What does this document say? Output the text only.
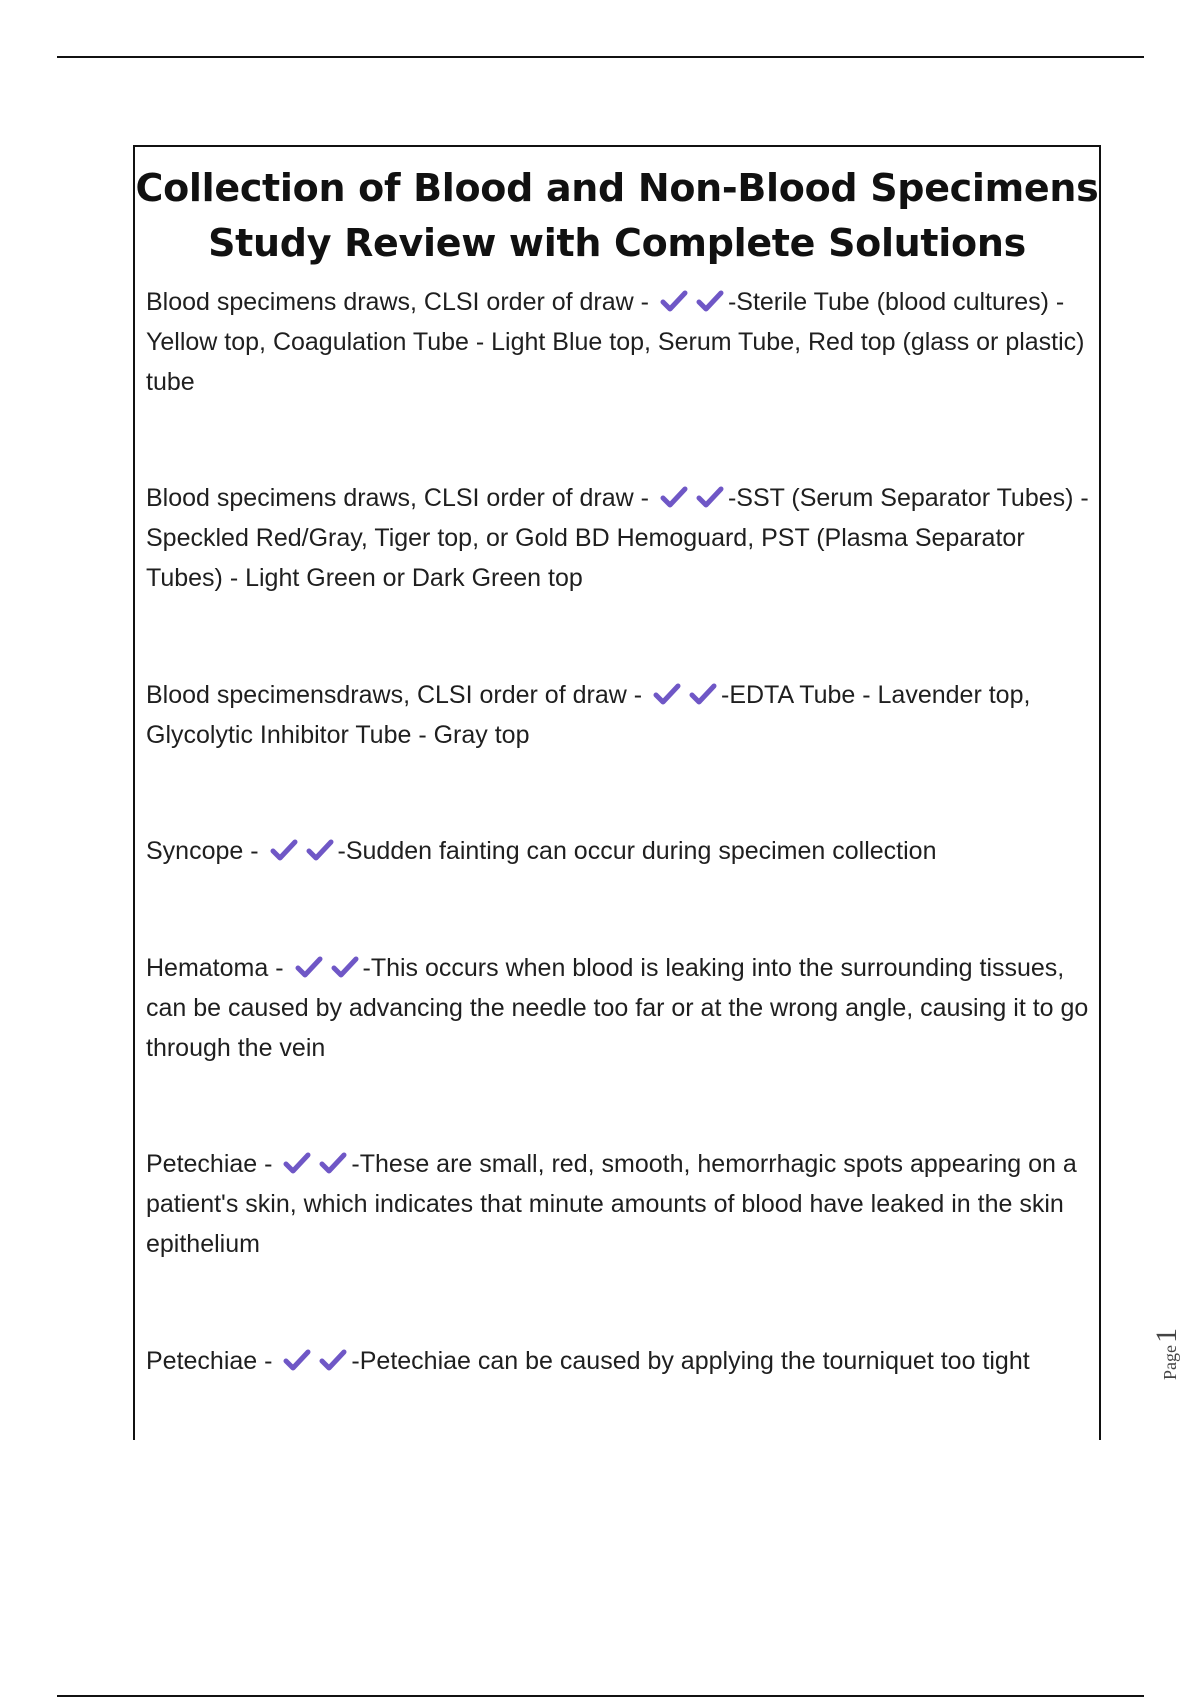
Collection of Blood and Non-Blood Specimens
Study Review with Complete Solutions

Blood specimens draws, CLSI order of draw -	-Sterile Tube (blood cultures) - Yellow top, Coagulation Tube - Light Blue top, Serum Tube, Red top (glass or plastic) tube

Blood specimens draws, CLSI order of draw -	-SST (Serum Separator Tubes) - Speckled Red/Gray, Tiger top, or Gold BD Hemoguard, PST (Plasma Separator Tubes) - Light Green or Dark Green top

Blood specimensdraws, CLSI order of draw -	-EDTA Tube - Lavender top, Glycolytic Inhibitor Tube - Gray top

Syncope -	-Sudden fainting can occur during specimen collection

Hematoma -	-This occurs when blood is leaking into the surrounding tissues, can be caused by advancing the needle too far or at the wrong angle, causing it to go through the vein

Petechiae -	-These are small, red, smooth, hemorrhagic spots appearing on a patient's skin, which indicates that minute amounts of blood have leaked in the skin epithelium

Petechiae -	-Petechiae can be caused by applying the tourniquet too tight	Page1
